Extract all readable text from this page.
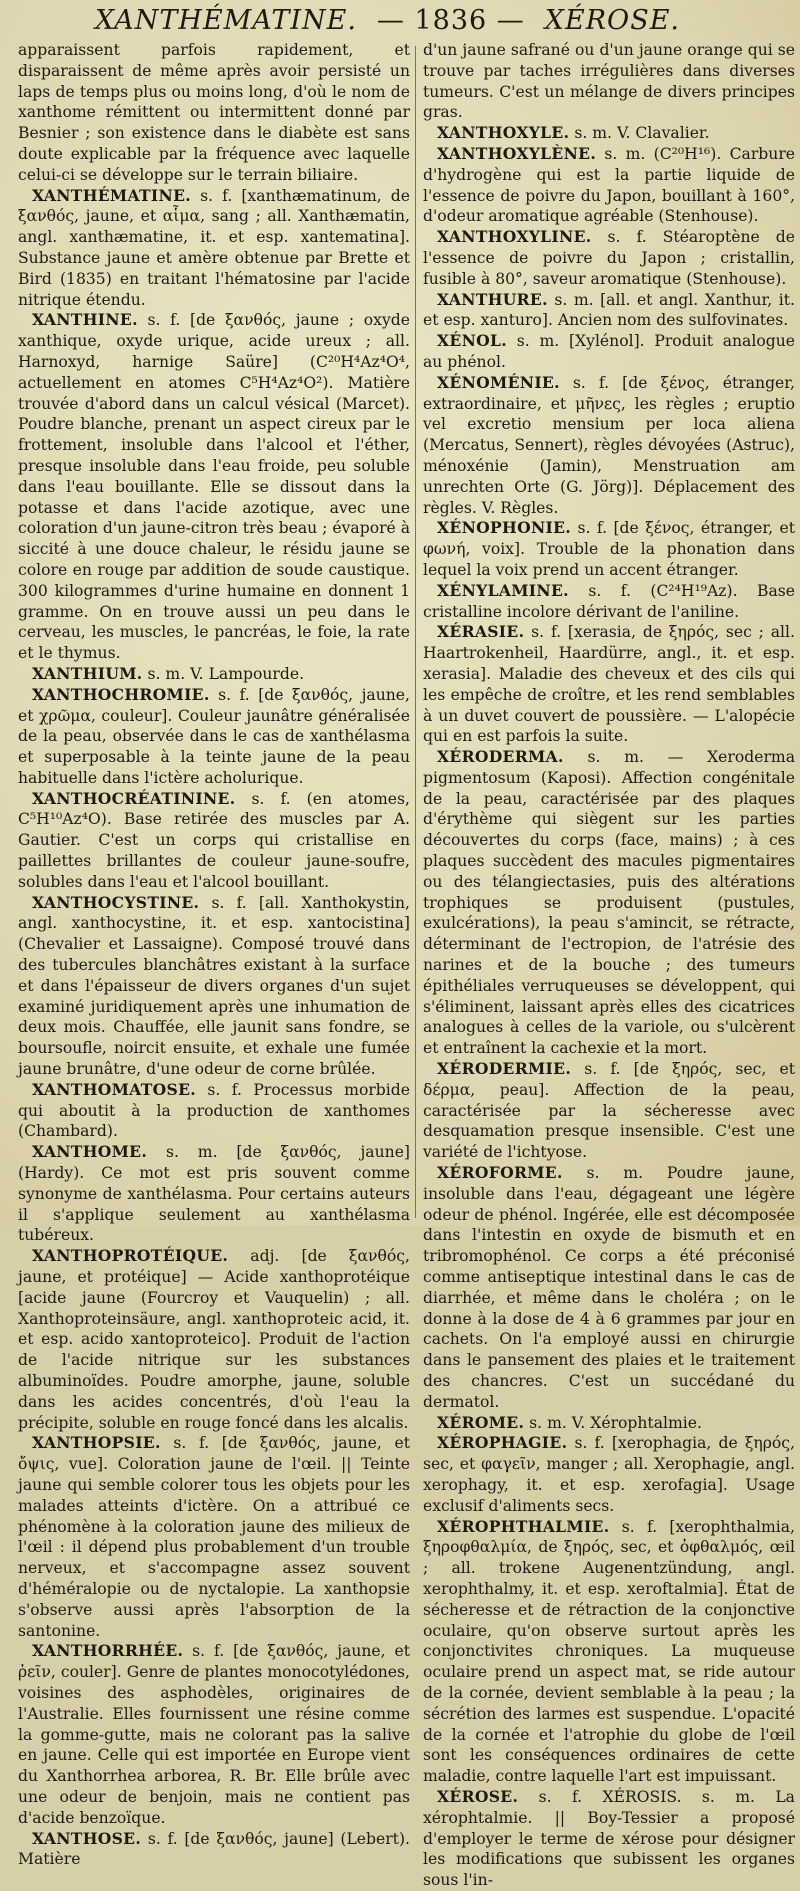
XANTHÉMATINE. — 1836 — XÉROSE.

apparaissent parfois rapidement, et disparaissent de même après avoir persisté un laps de temps plus ou moins long, d'où le nom de xanthome rémittent ou intermittent donné par Besnier ; son existence dans le diabète est sans doute explicable par la fréquence avec laquelle celui-ci se développe sur le terrain biliaire.

XANTHÉMATINE. s. f. [xanthæmatinum, de ξανθός, jaune, et αἷμα, sang ; all. Xanthæmatin, angl. xanthæmatine, it. et esp. xantematina]. Substance jaune et amère obtenue par Brette et Bird (1835) en traitant l'hématosine par l'acide nitrique étendu.

XANTHINE. s. f. [de ξανθός, jaune ; oxyde xanthique, oxyde urique, acide ureux ; all. Harnoxyd, harnige Saüre] (C²⁰H⁴Az⁴O⁴, actuellement en atomes C⁵H⁴Az⁴O²). Matière trouvée d'abord dans un calcul vésical (Marcet). Poudre blanche, prenant un aspect cireux par le frottement, insoluble dans l'alcool et l'éther, presque insoluble dans l'eau froide, peu soluble dans l'eau bouillante. Elle se dissout dans la potasse et dans l'acide azotique, avec une coloration d'un jaune-citron très beau ; évaporé à siccité à une douce chaleur, le résidu jaune se colore en rouge par addition de soude caustique. 300 kilogrammes d'urine humaine en donnent 1 gramme. On en trouve aussi un peu dans le cerveau, les muscles, le pancréas, le foie, la rate et le thymus.

XANTHIUM. s. m. V. Lampourde.

XANTHOCHROMIE. s. f. [de ξανθός, jaune, et χρῶμα, couleur]. Couleur jaunâtre généralisée de la peau, observée dans le cas de xanthélasma et superposable à la teinte jaune de la peau habituelle dans l'ictère acholurique.

XANTHOCRÉATININE. s. f. (en atomes, C⁵H¹⁰Az⁴O). Base retirée des muscles par A. Gautier. C'est un corps qui cristallise en paillettes brillantes de couleur jaune-soufre, solubles dans l'eau et l'alcool bouillant.

XANTHOCYSTINE. s. f. [all. Xanthokystin, angl. xanthocystine, it. et esp. xantocistina] (Chevalier et Lassaigne). Composé trouvé dans des tubercules blanchâtres existant à la surface et dans l'épaisseur de divers organes d'un sujet examiné juridiquement après une inhumation de deux mois. Chauffée, elle jaunit sans fondre, se boursoufle, noircit ensuite, et exhale une fumée jaune brunâtre, d'une odeur de corne brûlée.

XANTHOMATOSE. s. f. Processus morbide qui aboutit à la production de xanthomes (Chambard).

XANTHOME. s. m. [de ξανθός, jaune] (Hardy). Ce mot est pris souvent comme synonyme de xanthélasma. Pour certains auteurs il s'applique seulement au xanthélasma tubéreux.

XANTHOPROTÉIQUE. adj. [de ξανθός, jaune, et protéique] — Acide xanthoprotéique [acide jaune (Fourcroy et Vauquelin) ; all. Xanthoproteinsäure, angl. xanthoproteic acid, it. et esp. acido xantoproteico]. Produit de l'action de l'acide nitrique sur les substances albuminoïdes. Poudre amorphe, jaune, soluble dans les acides concentrés, d'où l'eau la précipite, soluble en rouge foncé dans les alcalis.

XANTHOPSIE. s. f. [de ξανθός, jaune, et ὄψις, vue]. Coloration jaune de l'œil. || Teinte jaune qui semble colorer tous les objets pour les malades atteints d'ictère. On a attribué ce phénomène à la coloration jaune des milieux de l'œil : il dépend plus probablement d'un trouble nerveux, et s'accompagne assez souvent d'héméralopie ou de nyctalopie. La xanthopsie s'observe aussi après l'absorption de la santonine.

XANTHORRHÉE. s. f. [de ξανθός, jaune, et ῥεῖν, couler]. Genre de plantes monocotylédones, voisines des asphodèles, originaires de l'Australie. Elles fournissent une résine comme la gomme-gutte, mais ne colorant pas la salive en jaune. Celle qui est importée en Europe vient du Xanthorrhea arborea, R. Br. Elle brûle avec une odeur de benjoin, mais ne contient pas d'acide benzoïque.

XANTHOSE. s. f. [de ξανθός, jaune] (Lebert). Matière

d'un jaune safrané ou d'un jaune orange qui se trouve par taches irrégulières dans diverses tumeurs. C'est un mélange de divers principes gras.

XANTHOXYLE. s. m. V. Clavalier.

XANTHOXYLÈNE. s. m. (C²⁰H¹⁶). Carbure d'hydrogène qui est la partie liquide de l'essence de poivre du Japon, bouillant à 160°, d'odeur aromatique agréable (Stenhouse).

XANTHOXYLINE. s. f. Stéaroptène de l'essence de poivre du Japon ; cristallin, fusible à 80°, saveur aromatique (Stenhouse).

XANTHURE. s. m. [all. et angl. Xanthur, it. et esp. xanturo]. Ancien nom des sulfovinates.

XÉNOL. s. m. [Xylénol]. Produit analogue au phénol.

XÉNOMÉNIE. s. f. [de ξένος, étranger, extraordinaire, et μῆνες, les règles ; eruptio vel excretio mensium per loca aliena (Mercatus, Sennert), règles dévoyées (Astruc), ménoxénie (Jamin), Menstruation am unrechten Orte (G. Jörg)]. Déplacement des règles. V. Règles.

XÉNOPHONIE. s. f. [de ξένος, étranger, et φωνή, voix]. Trouble de la phonation dans lequel la voix prend un accent étranger.

XÉNYLAMINE. s. f. (C²⁴H¹⁹Az). Base cristalline incolore dérivant de l'aniline.

XÉRASIE. s. f. [xerasia, de ξηρός, sec ; all. Haartrokenheil, Haardürre, angl., it. et esp. xerasia]. Maladie des cheveux et des cils qui les empêche de croître, et les rend semblables à un duvet couvert de poussière. — L'alopécie qui en est parfois la suite.

XÉRODERMA. s. m. — Xeroderma pigmentosum (Kaposi). Affection congénitale de la peau, caractérisée par des plaques d'érythème qui siègent sur les parties découvertes du corps (face, mains) ; à ces plaques succèdent des macules pigmentaires ou des télangiectasies, puis des altérations trophiques se produisent (pustules, exulcérations), la peau s'amincit, se rétracte, déterminant de l'ectropion, de l'atrésie des narines et de la bouche ; des tumeurs épithéliales verruqueuses se développent, qui s'éliminent, laissant après elles des cicatrices analogues à celles de la variole, ou s'ulcèrent et entraînent la cachexie et la mort.

XÉRODERMIE. s. f. [de ξηρός, sec, et δέρμα, peau]. Affection de la peau, caractérisée par la sécheresse avec desquamation presque insensible. C'est une variété de l'ichtyose.

XÉROFORME. s. m. Poudre jaune, insoluble dans l'eau, dégageant une légère odeur de phénol. Ingérée, elle est décomposée dans l'intestin en oxyde de bismuth et en tribromophénol. Ce corps a été préconisé comme antiseptique intestinal dans le cas de diarrhée, et même dans le choléra ; on le donne à la dose de 4 à 6 grammes par jour en cachets. On l'a employé aussi en chirurgie dans le pansement des plaies et le traitement des chancres. C'est un succédané du dermatol.

XÉROME. s. m. V. Xérophtalmie.

XÉROPHAGIE. s. f. [xerophagia, de ξηρός, sec, et φαγεῖν, manger ; all. Xerophagie, angl. xerophagy, it. et esp. xerofagia]. Usage exclusif d'aliments secs.

XÉROPHTHALMIE. s. f. [xerophthalmia, ξηροφθαλμία, de ξηρός, sec, et ὀφθαλμός, œil ; all. trokene Augenentzündung, angl. xerophthalmy, it. et esp. xeroftalmia]. État de sécheresse et de rétraction de la conjonctive oculaire, qu'on observe surtout après les conjonctivites chroniques. La muqueuse oculaire prend un aspect mat, se ride autour de la cornée, devient semblable à la peau ; la sécrétion des larmes est suspendue. L'opacité de la cornée et l'atrophie du globe de l'œil sont les conséquences ordinaires de cette maladie, contre laquelle l'art est impuissant.

XÉROSE. s. f. XÉROSIS. s. m. La xérophtalmie. || Boy-Tessier a proposé d'employer le terme de xérose pour désigner les modifications que subissent les organes sous l'in-
